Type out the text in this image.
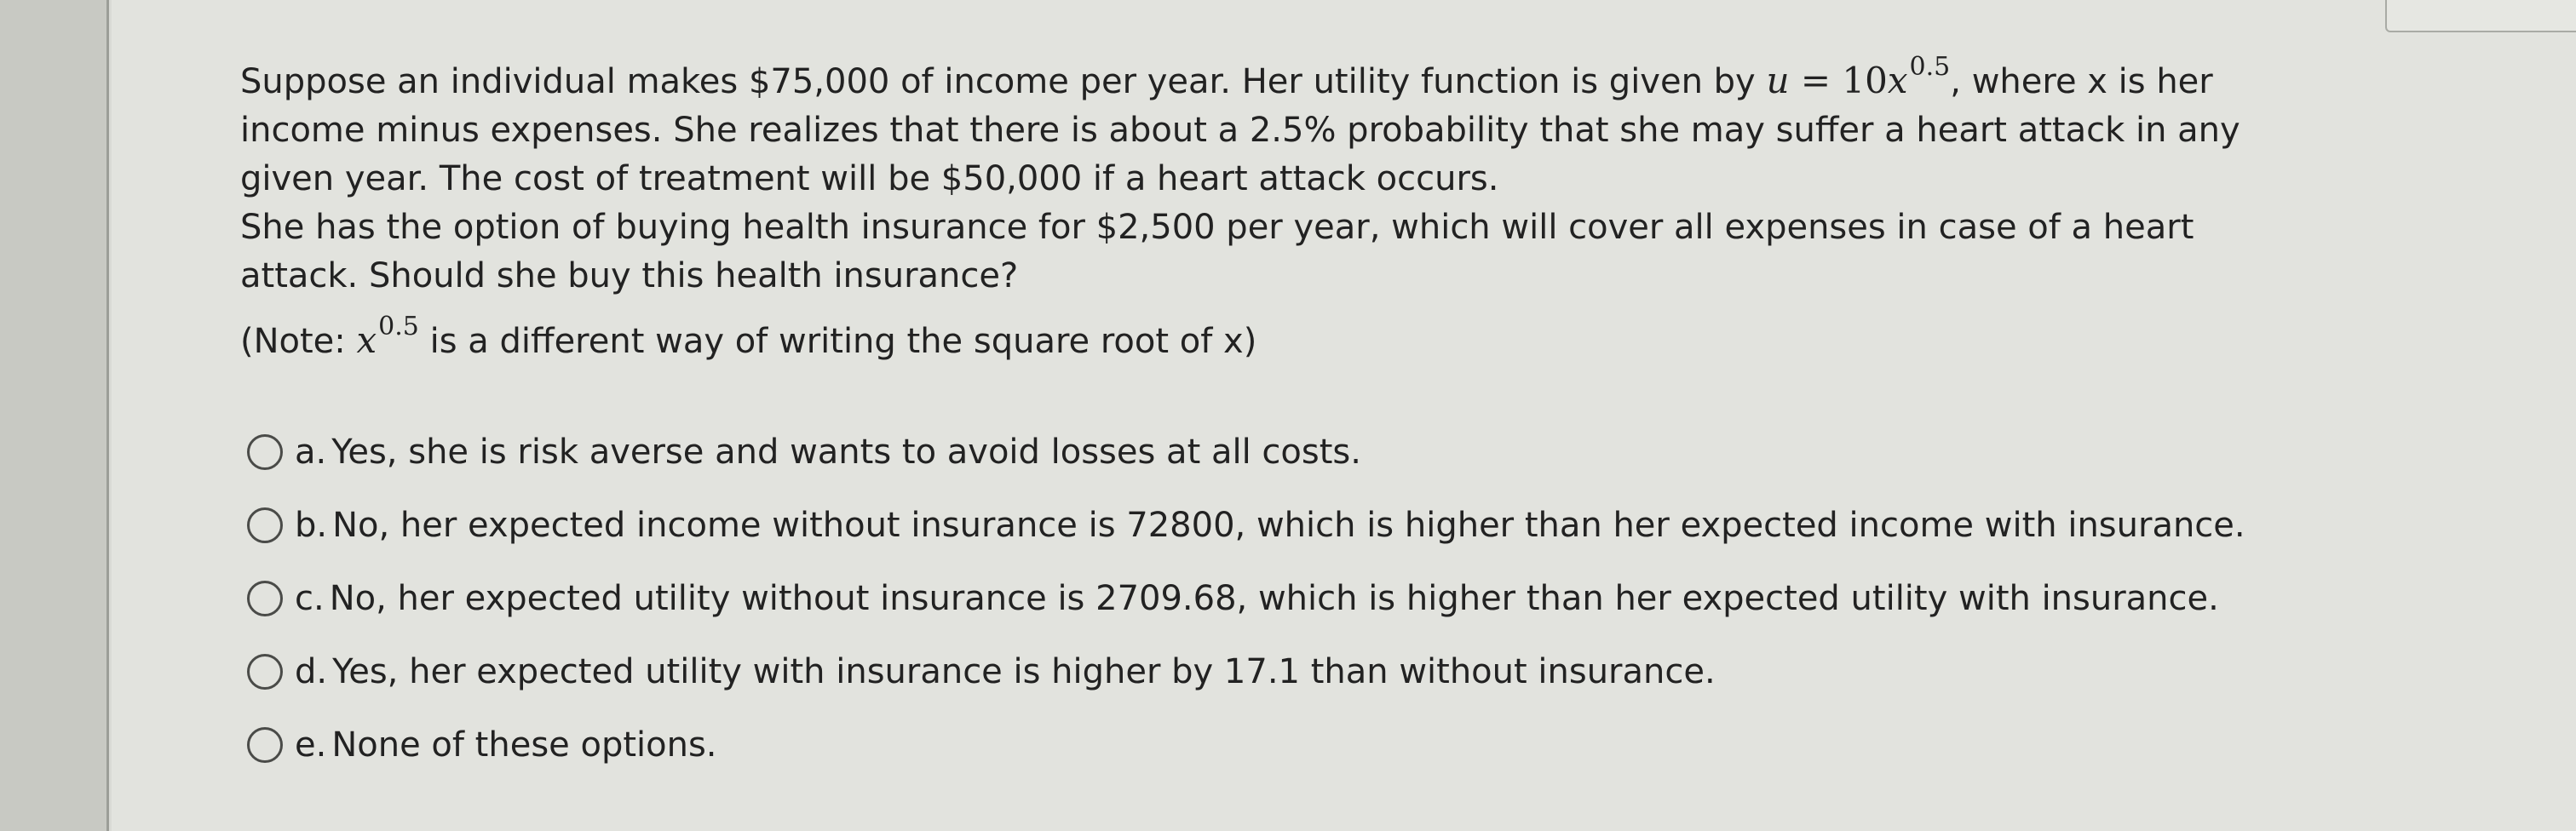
Suppose an individual makes $75,000 of income per year. Her utility function is given by $u = 10x^{0.5}$, where x is her income minus expenses. She realizes that there is about a 2.5% probability that she may suffer a heart attack in any given year. The cost of treatment will be $50,000 if a heart attack occurs.

She has the option of buying health insurance for $2,500 per year, which will cover all expenses in case of a heart attack. Should she buy this health insurance?

(Note: $x^{0.5}$ is a different way of writing the square root of x)

a. Yes, she is risk averse and wants to avoid losses at all costs.
b. No, her expected income without insurance is 72800, which is higher than her expected income with insurance.
c. No, her expected utility without insurance is 2709.68, which is higher than her expected utility with insurance.
d. Yes, her expected utility with insurance is higher by 17.1 than without insurance.
e. None of these options.
